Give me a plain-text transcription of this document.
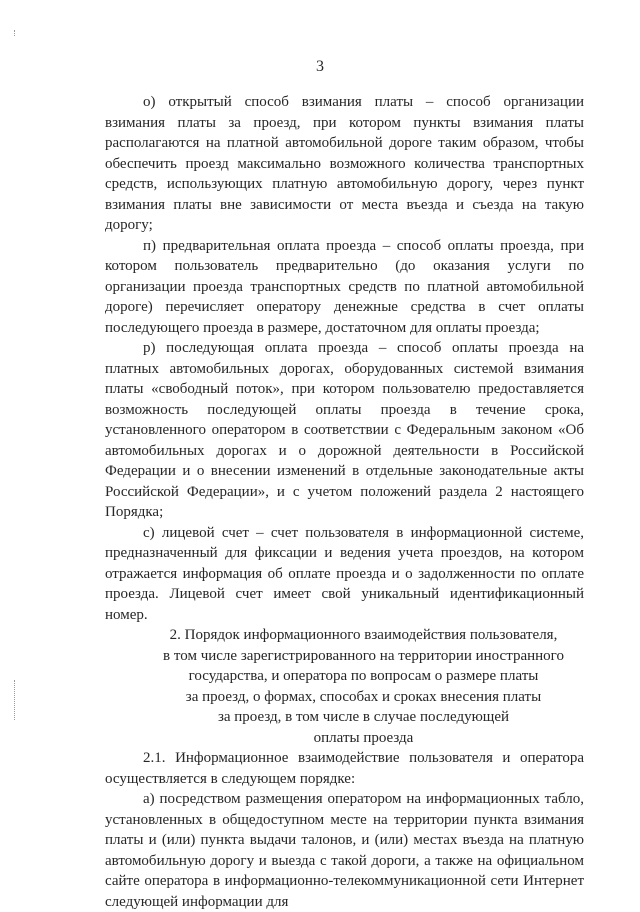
3

о) открытый способ взимания платы – способ организации взимания платы за проезд, при котором пункты взимания платы располагаются на платной автомобильной дороге таким образом, чтобы обеспечить проезд максимально возможного количества транспортных средств, использующих платную автомобильную дорогу, через пункт взимания платы вне зависимости от места въезда и съезда на такую дорогу;

п) предварительная оплата проезда – способ оплаты проезда, при котором пользователь предварительно (до оказания услуги по организации проезда транспортных средств по платной автомобильной дороге) перечисляет оператору денежные средства в счет оплаты последующего проезда в размере, достаточном для оплаты проезда;

р) последующая оплата проезда – способ оплаты проезда на платных автомобильных дорогах, оборудованных системой взимания платы «свободный поток», при котором пользователю предоставляется возможность последующей оплаты проезда в течение срока, установленного оператором в соответствии с Федеральным законом «Об автомобильных дорогах и о дорожной деятельности в Российской Федерации и о внесении изменений в отдельные законодательные акты Российской Федерации», и с учетом положений раздела 2 настоящего Порядка;

с) лицевой счет – счет пользователя в информационной системе, предназначенный для фиксации и ведения учета проездов, на котором отражается информация об оплате проезда и о задолженности по оплате проезда. Лицевой счет имеет свой уникальный идентификационный номер.

2. Порядок информационного взаимодействия пользователя,
в том числе зарегистрированного на территории иностранного
государства, и оператора по вопросам о размере платы
за проезд, о формах, способах и сроках внесения платы
за проезд, в том числе в случае последующей
оплаты проезда

2.1. Информационное взаимодействие пользователя и оператора осуществляется в следующем порядке:

а) посредством размещения оператором на информационных табло, установленных в общедоступном месте на территории пункта взимания платы и (или) пункта выдачи талонов, и (или) местах въезда на платную автомобильную дорогу и выезда с такой дороги, а также на официальном сайте оператора в информационно-телекоммуникационной сети Интернет следующей информации для
